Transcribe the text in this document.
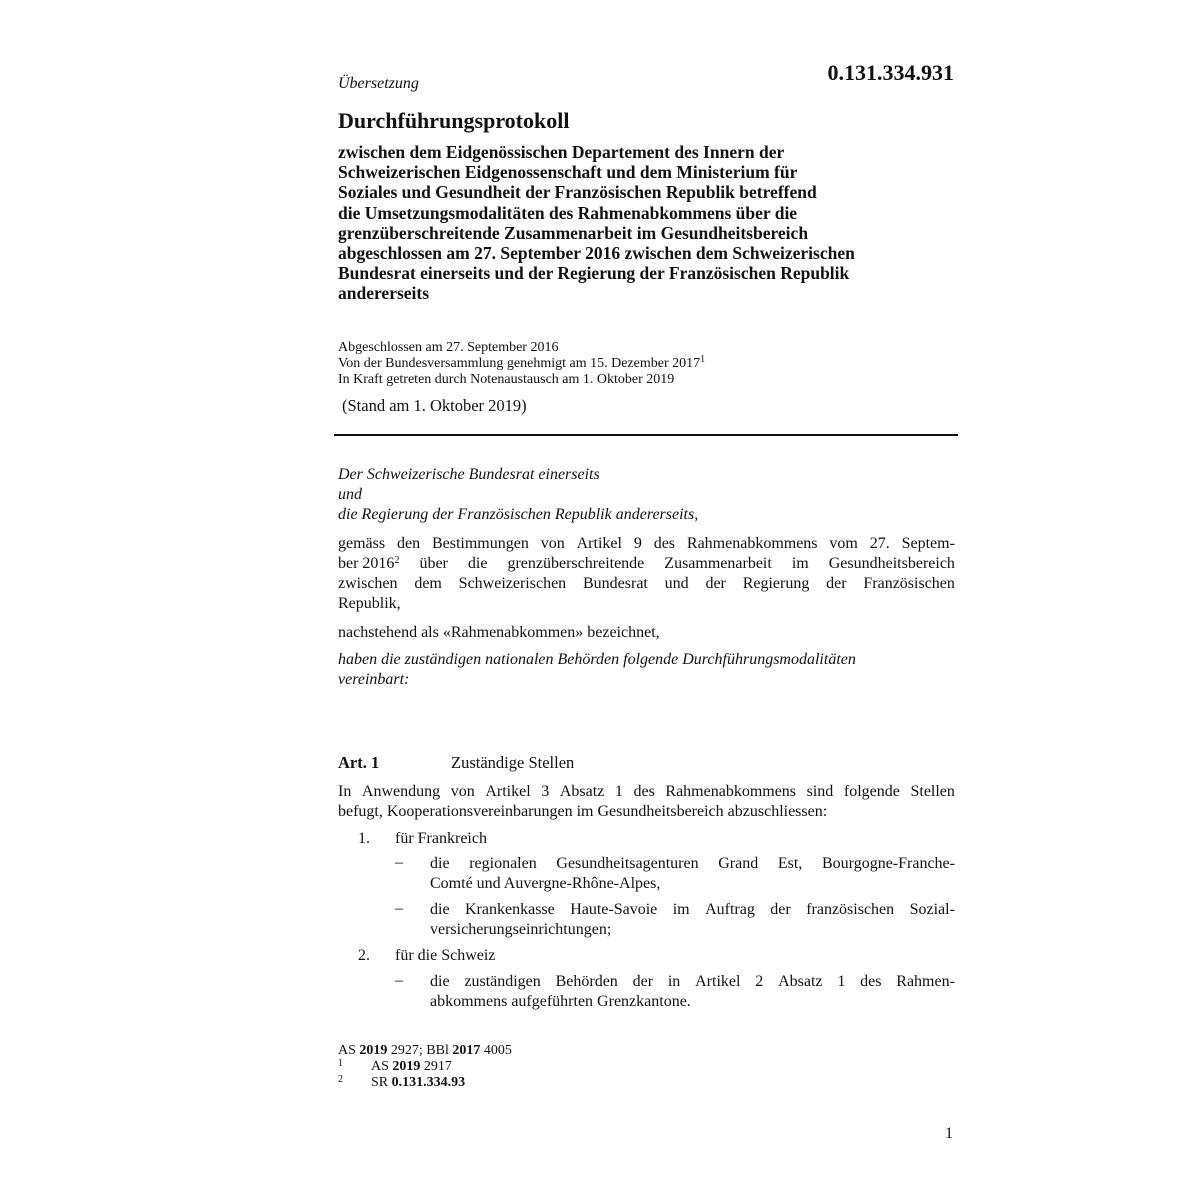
Übersetzung	0.131.334.931
Durchführungsprotokoll
zwischen dem Eidgenössischen Departement des Innern der
Schweizerischen Eidgenossenschaft und dem Ministerium für
Soziales und Gesundheit der Französischen Republik betreffend
die Umsetzungsmodalitäten des Rahmenabkommens über die
grenzüberschreitende Zusammenarbeit im Gesundheitsbereich
abgeschlossen am 27. September 2016 zwischen dem Schweizerischen
Bundesrat einerseits und der Regierung der Französischen Republik
andererseits
Abgeschlossen am 27. September 2016
Von der Bundesversammlung genehmigt am 15. Dezember 2017$^1$
In Kraft getreten durch Notenaustausch am 1. Oktober 2019
(Stand am 1. Oktober 2019)
Der Schweizerische Bundesrat einerseits
und
die Regierung der Französischen Republik andererseits,
gemäss den Bestimmungen von Artikel 9 des Rahmenabkommens vom 27. Septem-
ber 2016$^2$ über die grenzüberschreitende Zusammenarbeit im Gesundheitsbereich
zwischen dem Schweizerischen Bundesrat und der Regierung der Französischen
Republik,
nachstehend als «Rahmenabkommen» bezeichnet,
haben die zuständigen nationalen Behörden folgende Durchführungsmodalitäten
vereinbart:
Art. 1	Zuständige Stellen
In Anwendung von Artikel 3 Absatz 1 des Rahmenabkommens sind folgende Stellen
befugt, Kooperationsvereinbarungen im Gesundheitsbereich abzuschliessen:
1. für Frankreich
– die regionalen Gesundheitsagenturen Grand Est, Bourgogne-Franche-
Comté und Auvergne-Rhône-Alpes,
– die Krankenkasse Haute-Savoie im Auftrag der französischen Sozial-
versicherungseinrichtungen;
2. für die Schweiz
– die zuständigen Behörden der in Artikel 2 Absatz 1 des Rahmen-
abkommens aufgeführten Grenzkantone.
AS 2019 2927; BBl 2017 4005
1 AS 2019 2917
2 SR 0.131.334.93
1
